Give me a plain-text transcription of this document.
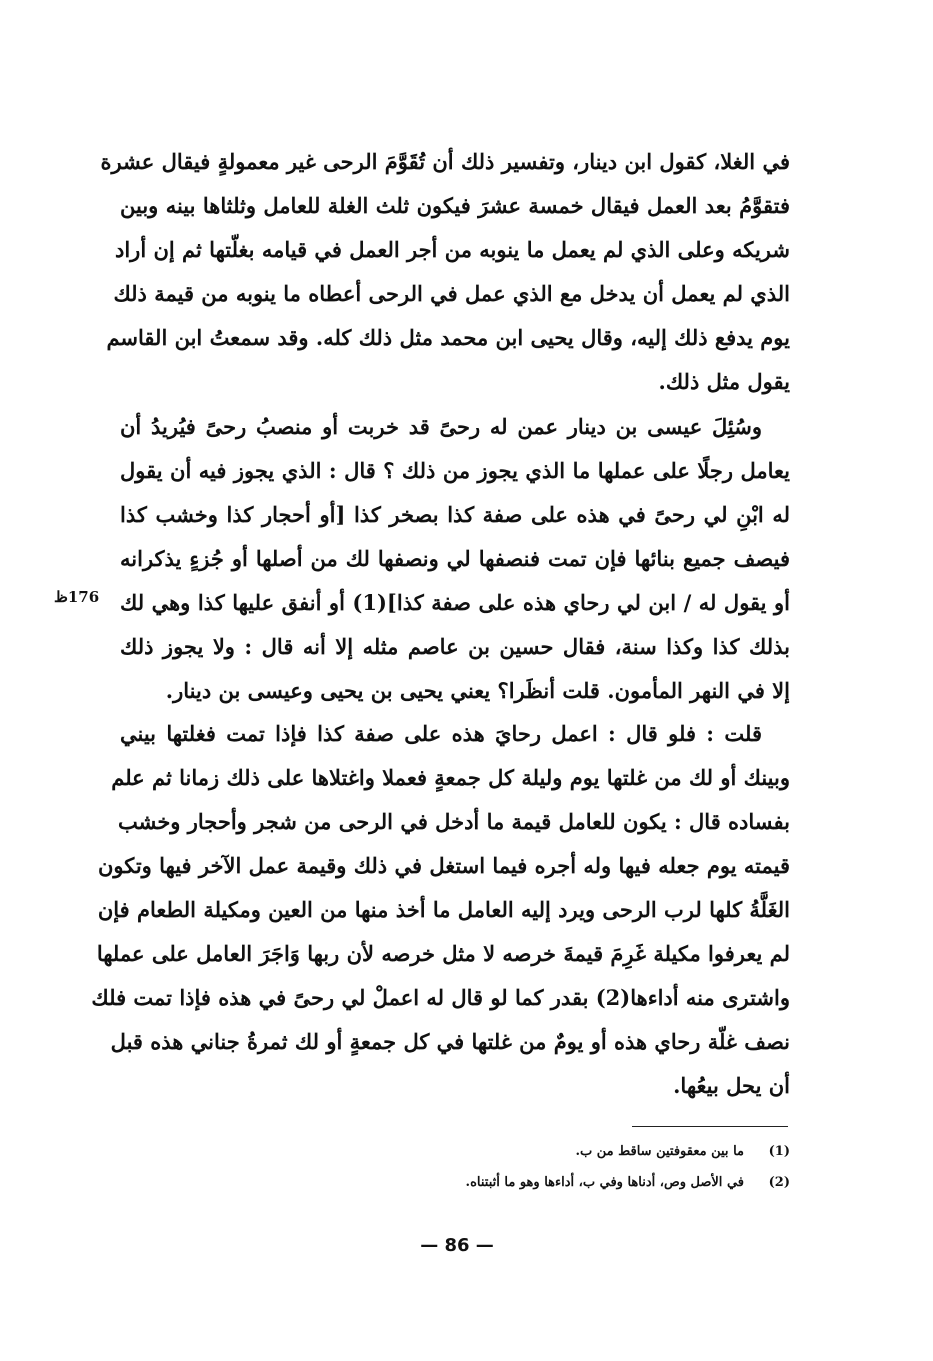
في الغلا، كقول ابن دينار، وتفسير ذلك أن تُقَوَّمَ الرحى غير معمولةٍ فيقال عشرة
فتقوَّمُ بعد العمل فيقال خمسة عشرَ فيكون ثلث الغلة للعامل وثلثاها بينه وبين
شريكه وعلى الذي لم يعمل ما ينوبه من أجر العمل في قيامه بغلّتها ثم إن أراد
الذي لم يعمل أن يدخل مع الذي عمل في الرحى أعطاه ما ينوبه من قيمة ذلك
يوم يدفع ذلك إليه، وقال يحيى ابن محمد مثل ذلك كله. وقد سمعتُ ابن القاسم
يقول مثل ذلك.
وسُئِلَ عيسى بن دينار عمن له رحىً قد خربت أو منصبُ رحىً فيُريدُ أن
يعامل رجلًا على عملها ما الذي يجوز من ذلك ؟ قال : الذي يجوز فيه أن يقول
له ابْنِ لي رحىً في هذه على صفة كذا بصخر كذا [أو أحجار كذا وخشب كذا
فيصف جميع بنائها فإن تمت فنصفها لي ونصفها لك من أصلها أو جُزءٍ يذكرانه
أو يقول له / ابن لي رحاي هذه على صفة كذا](1) أو أنفق عليها كذا وهي لك
بذلك كذا وكذا سنة، فقال حسين بن عاصم مثله إلا أنه قال : ولا يجوز ذلك
إلا في النهر المأمون. قلت أنظَرا؟ يعني يحيى بن يحيى وعيسى بن دينار.
176ظ
قلت : فلو قال : اعمل رحايَ هذه على صفة كذا فإذا تمت فغلتها بيني
وبينك أو لك من غلتها يوم وليلة كل جمعةٍ فعملا واغتلاها على ذلك زمانا ثم علم
بفساده قال : يكون للعامل قيمة ما أدخل في الرحى من شجر وأحجار وخشب
قيمته يوم جعله فيها وله أجره فيما استغل في ذلك وقيمة عمل الآخر فيها وتكون
الغَلَّةُ كلها لرب الرحى ويرد إليه العامل ما أخذ منها من العين ومكيلة الطعام فإن
لم يعرفوا مكيلة غَرِمَ قيمةَ خرصه لا مثل خرصه لأن ربها وَاجَرَ العامل على عملها
واشترى منه أداءها(2) بقدر كما لو قال له اعملْ لي رحىً في هذه فإذا تمت فلك
نصف غلّة رحاي هذه أو يومٌ من غلتها في كل جمعةٍ أو لك ثمرةُ جناني هذه قبل
أن يحل بيعُها.
(1)
ما بين معقوفتين ساقط من ب.
(2)
في الأصل وص، أدناها وفي ب، أداءها وهو ما أثبتناه.
— 86 —
